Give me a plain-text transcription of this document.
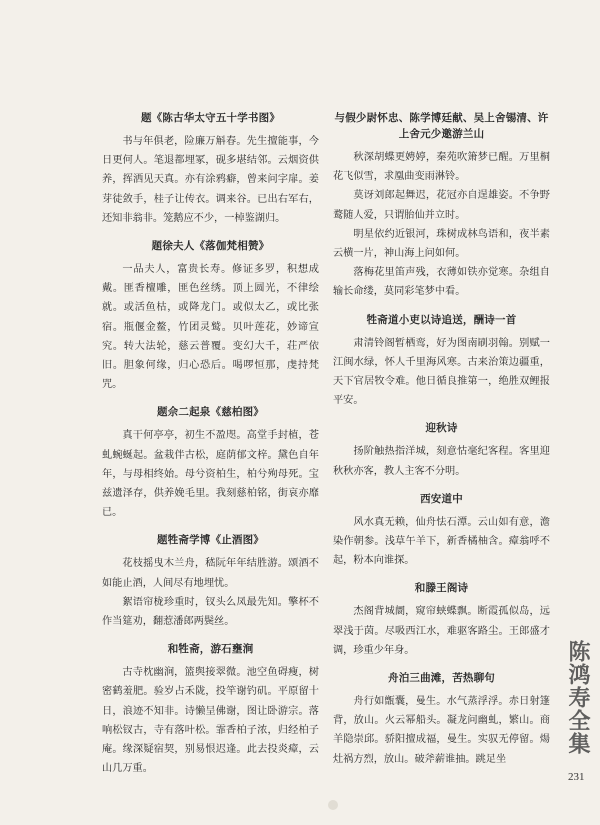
题《陈古华太守五十学书图》

书与年俱老，险廉万斛春。先生擅能事，今日更何人。笔退都埋冢，砚多堪结邻。云烟资供养，挥洒见天真。亦有涂鸦癖，曾来问字扉。姜芽徒敛手，桂子让传衣。调来谷。已出右军右，还知非翁非。笼鹅应不少，一棹鉴湖归。

题徐夫人《落伽梵相赞》

一品夫人，富贵长寿。修证多罗，积想成戴。匪香檀雕，匪色丝绣。顶上圆光，不律绘就。或活鱼枯，或降龙门。或似太乙，或比张宿。瓶偃金鳌，竹团灵鹫。贝叶莲花，妙谛宣究。转大法轮，慈云普覆。变幻大千，荘严依旧。胆象何缘，归心恐后。喝啰恒那，虔持梵咒。

题佘二起泉《慈柏图》

真干何亭亭，初生不盈咫。高堂手封植，苍虬蜿蜒起。盆栽伴古松，庭荫郁文梓。黛色自年年，与母相终始。母兮资柏生，柏兮殉母死。宝兹遗泽存，供养娩毛里。我刻慈柏铭，街哀亦靡已。

题牲斋学博《止酒图》

花枝摇曳木兰舟，嵇阮年年结胜游。颂酒不如能止酒，人间尽有地埋忧。

絮语帘栊珍重时，钗头么凤最先知。擎杯不作当筵劝，翻惹潘郎两鬓丝。

和牲斋，游石壅涧

古寺枕幽涧，篮舆接翠微。池空鱼碍瘦，树密鹤羞肥。验岁占禾陇，投竿谢钓矶。平原留十日，浪迹不知非。诗懒呈佛谢，图让卧游宗。落响松钗古，寺有落叶松。霏香柏子浓，归经柏子庵。缘深疑宿契，别易恨迟逢。此去投炎瘴，云山几万重。

与假少尉怀忠、陈学博廷献、吴上舍锡清、许上舍元少邀游兰山

秋深胡蝶更娉婷，秦苑吹箫梦已醒。万里桐花飞似雪，求凰曲变雨淋铃。

莫讶刘郎起舞迟，花冠亦自逞雄姿。不争野鹜随人爱，只谓胎仙并立时。

明星依约近银河，珠树成林鸟语和，夜半素云横一片，神山海上问如何。

落梅花里笛声残，衣薄如铁亦觉寒。杂组自输长命缕，莫同彩笔梦中看。

牲斋道小吏以诗追送，酬诗一首

肃清铃阁暂栖鸾，好为图南刷羽翰。别赋一江闽水绿，怀人千里海风寒。古来治策边疆重，天下官居牧令难。他日循良推第一，绝胜双鲤报平安。

迎秋诗

扬阶触热指洋城，刻意怙毫纪客程。客里迎秋秋亦客，教人主客不分明。

西安道中

风水真无赖，仙舟怯石潭。云山如有意，澹染作朝参。浅草午羊下，新香橘柚含。瘴翁呼不起，粉本向谁探。

和滕王阁诗

杰阁背城阛，窥帘蛱蝶飘。断霞孤似岛，远翠浅于茵。尽吸西江水，难驱客路尘。王郎盛才调，珍重少年身。

舟泊三曲滩，苦热聊句

舟行如甑囊，曼生。水气蒸浮浮。赤日射篷背，放山。火云幂船头。凝龙问幽虬，繁山。商羊隐崇邱。骄阳擅成福，曼生。实驭无停留。煬灶祸方烈，放山。破斧薪谁抽。跳足坐

陈鸿寿全集
231
